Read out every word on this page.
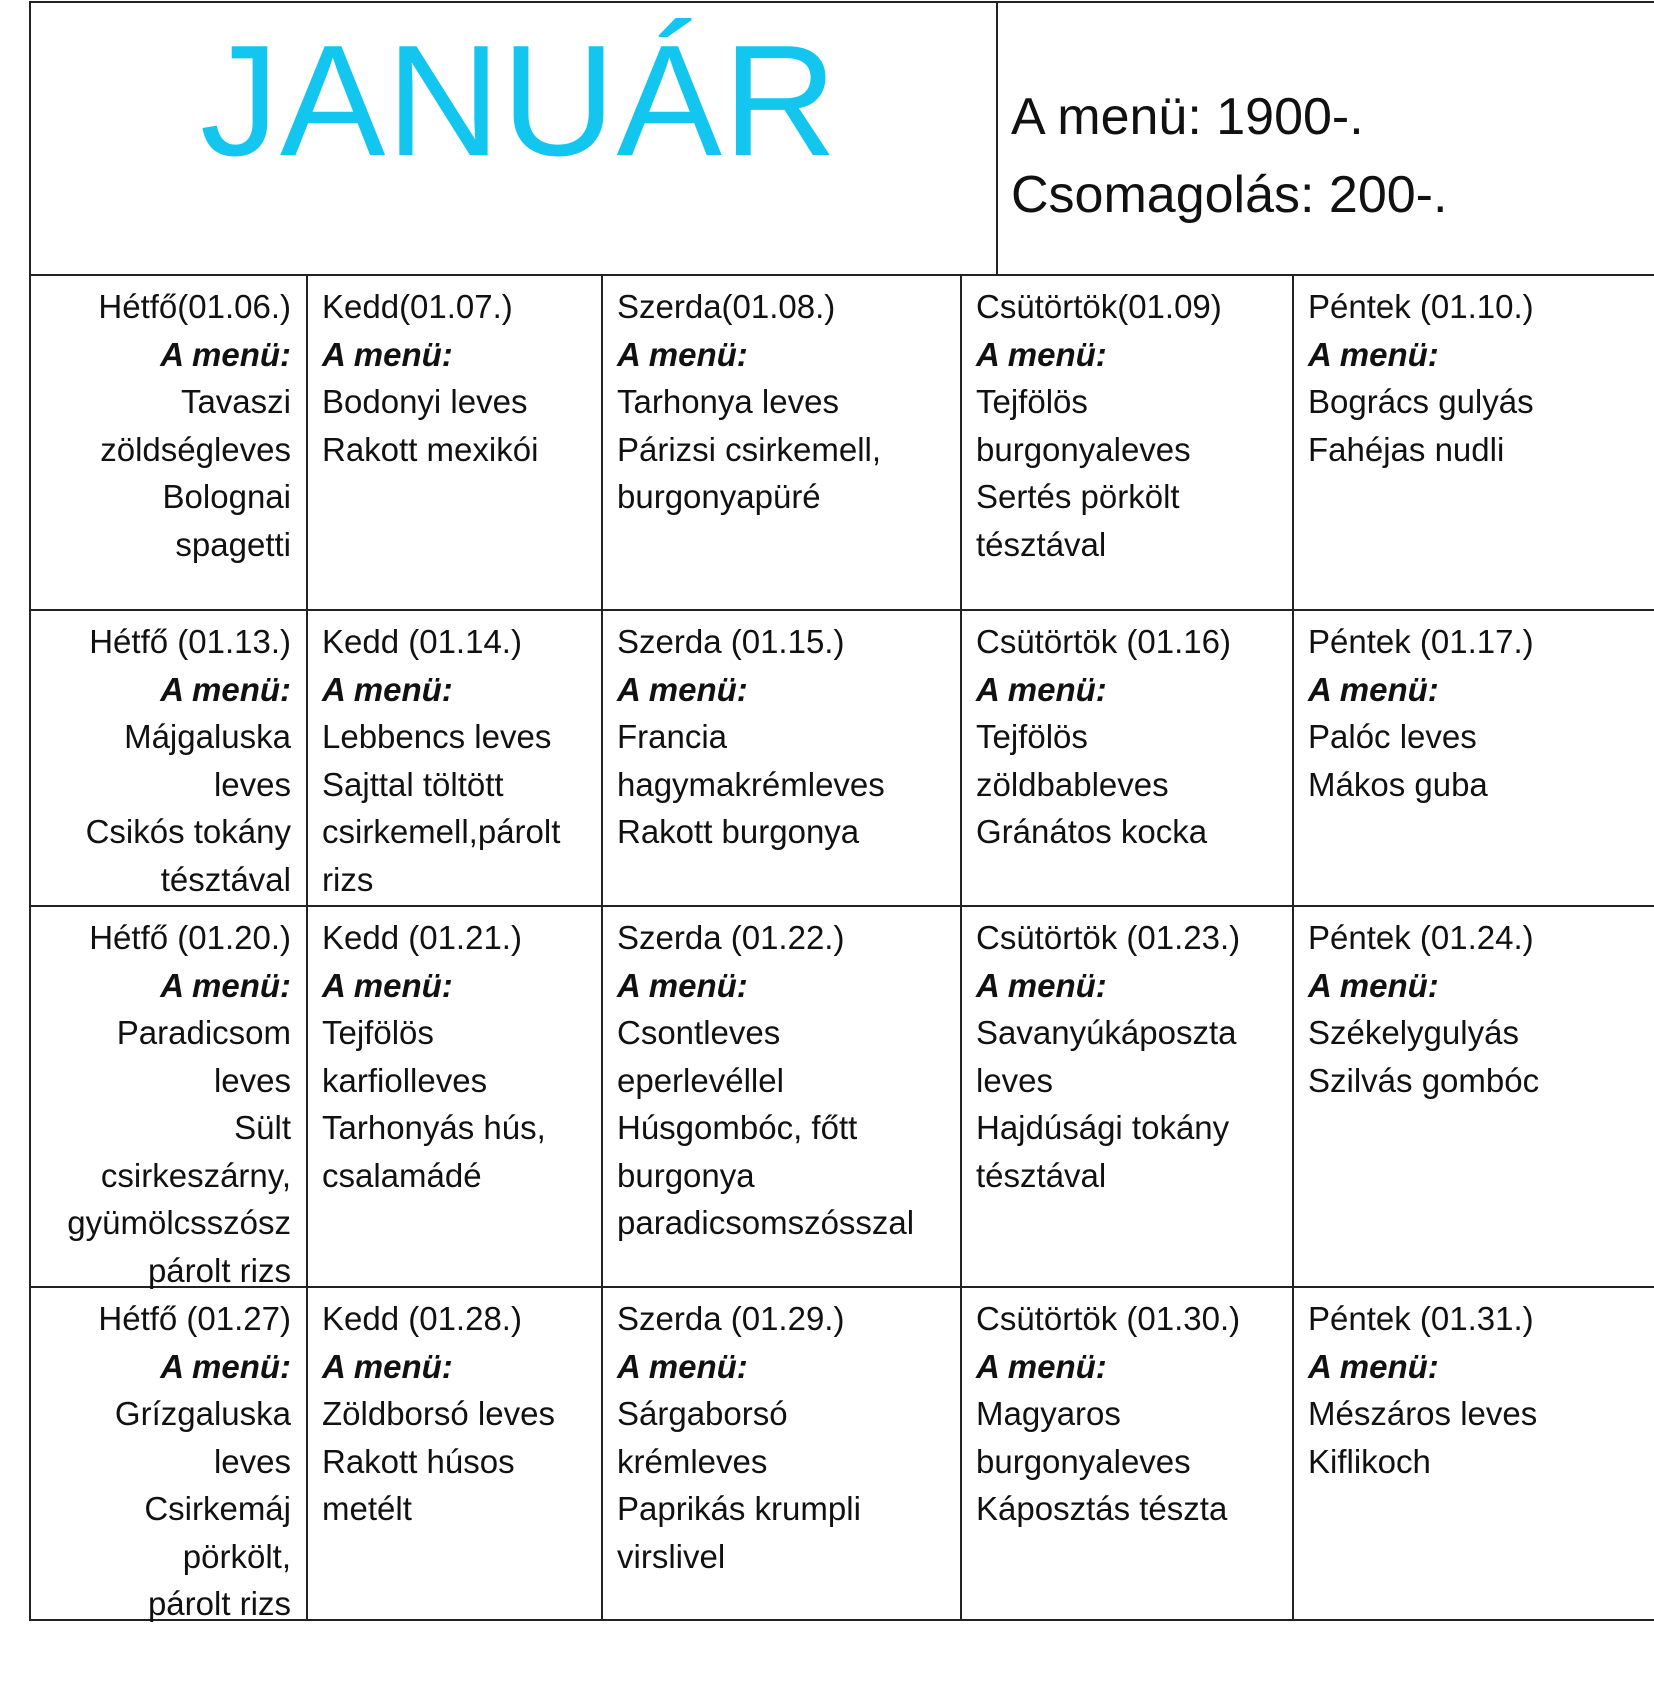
JANUÁR	A menü: 1900-.
Csomagolás: 200-.
Hétfő(01.06.)
A menü:
Tavaszi
zöldségleves
Bolognai
spagetti
Kedd(01.07.)
A menü:
Bodonyi leves
Rakott mexikói
Szerda(01.08.)
A menü:
Tarhonya leves
Párizsi csirkemell,
burgonyapüré
Csütörtök(01.09)
A menü:
Tejfölös
burgonyaleves
Sertés pörkölt
tésztával
Péntek (01.10.)
A menü:
Bogrács gulyás
Fahéjas nudli
Hétfő (01.13.)
A menü:
Májgaluska
leves
Csikós tokány
tésztával
Kedd (01.14.)
A menü:
Lebbencs leves
Sajttal töltött
csirkemell,párolt
rizs
Szerda (01.15.)
A menü:
Francia
hagymakrémleves
Rakott burgonya
Csütörtök (01.16)
A menü:
Tejfölös
zöldbableves
Gránátos kocka
Péntek (01.17.)
A menü:
Palóc leves
Mákos guba
Hétfő (01.20.)
A menü:
Paradicsom
leves
Sült
csirkeszárny,
gyümölcsszósz
párolt rizs
Kedd (01.21.)
A menü:
Tejfölös
karfiolleves
Tarhonyás hús,
csalamádé
Szerda (01.22.)
A menü:
Csontleves
eperlevéllel
Húsgombóc, főtt
burgonya
paradicsomszósszal
Csütörtök (01.23.)
A menü:
Savanyúkáposzta
leves
Hajdúsági tokány
tésztával
Péntek (01.24.)
A menü:
Székelygulyás
Szilvás gombóc
Hétfő (01.27)
A menü:
Grízgaluska
leves
Csirkemáj
pörkölt,
párolt rizs
Kedd (01.28.)
A menü:
Zöldborsó leves
Rakott húsos
metélt
Szerda (01.29.)
A menü:
Sárgaborsó
krémleves
Paprikás krumpli
virslivel
Csütörtök (01.30.)
A menü:
Magyaros
burgonyaleves
Káposztás tészta
Péntek (01.31.)
A menü:
Mészáros leves
Kiflikoch
